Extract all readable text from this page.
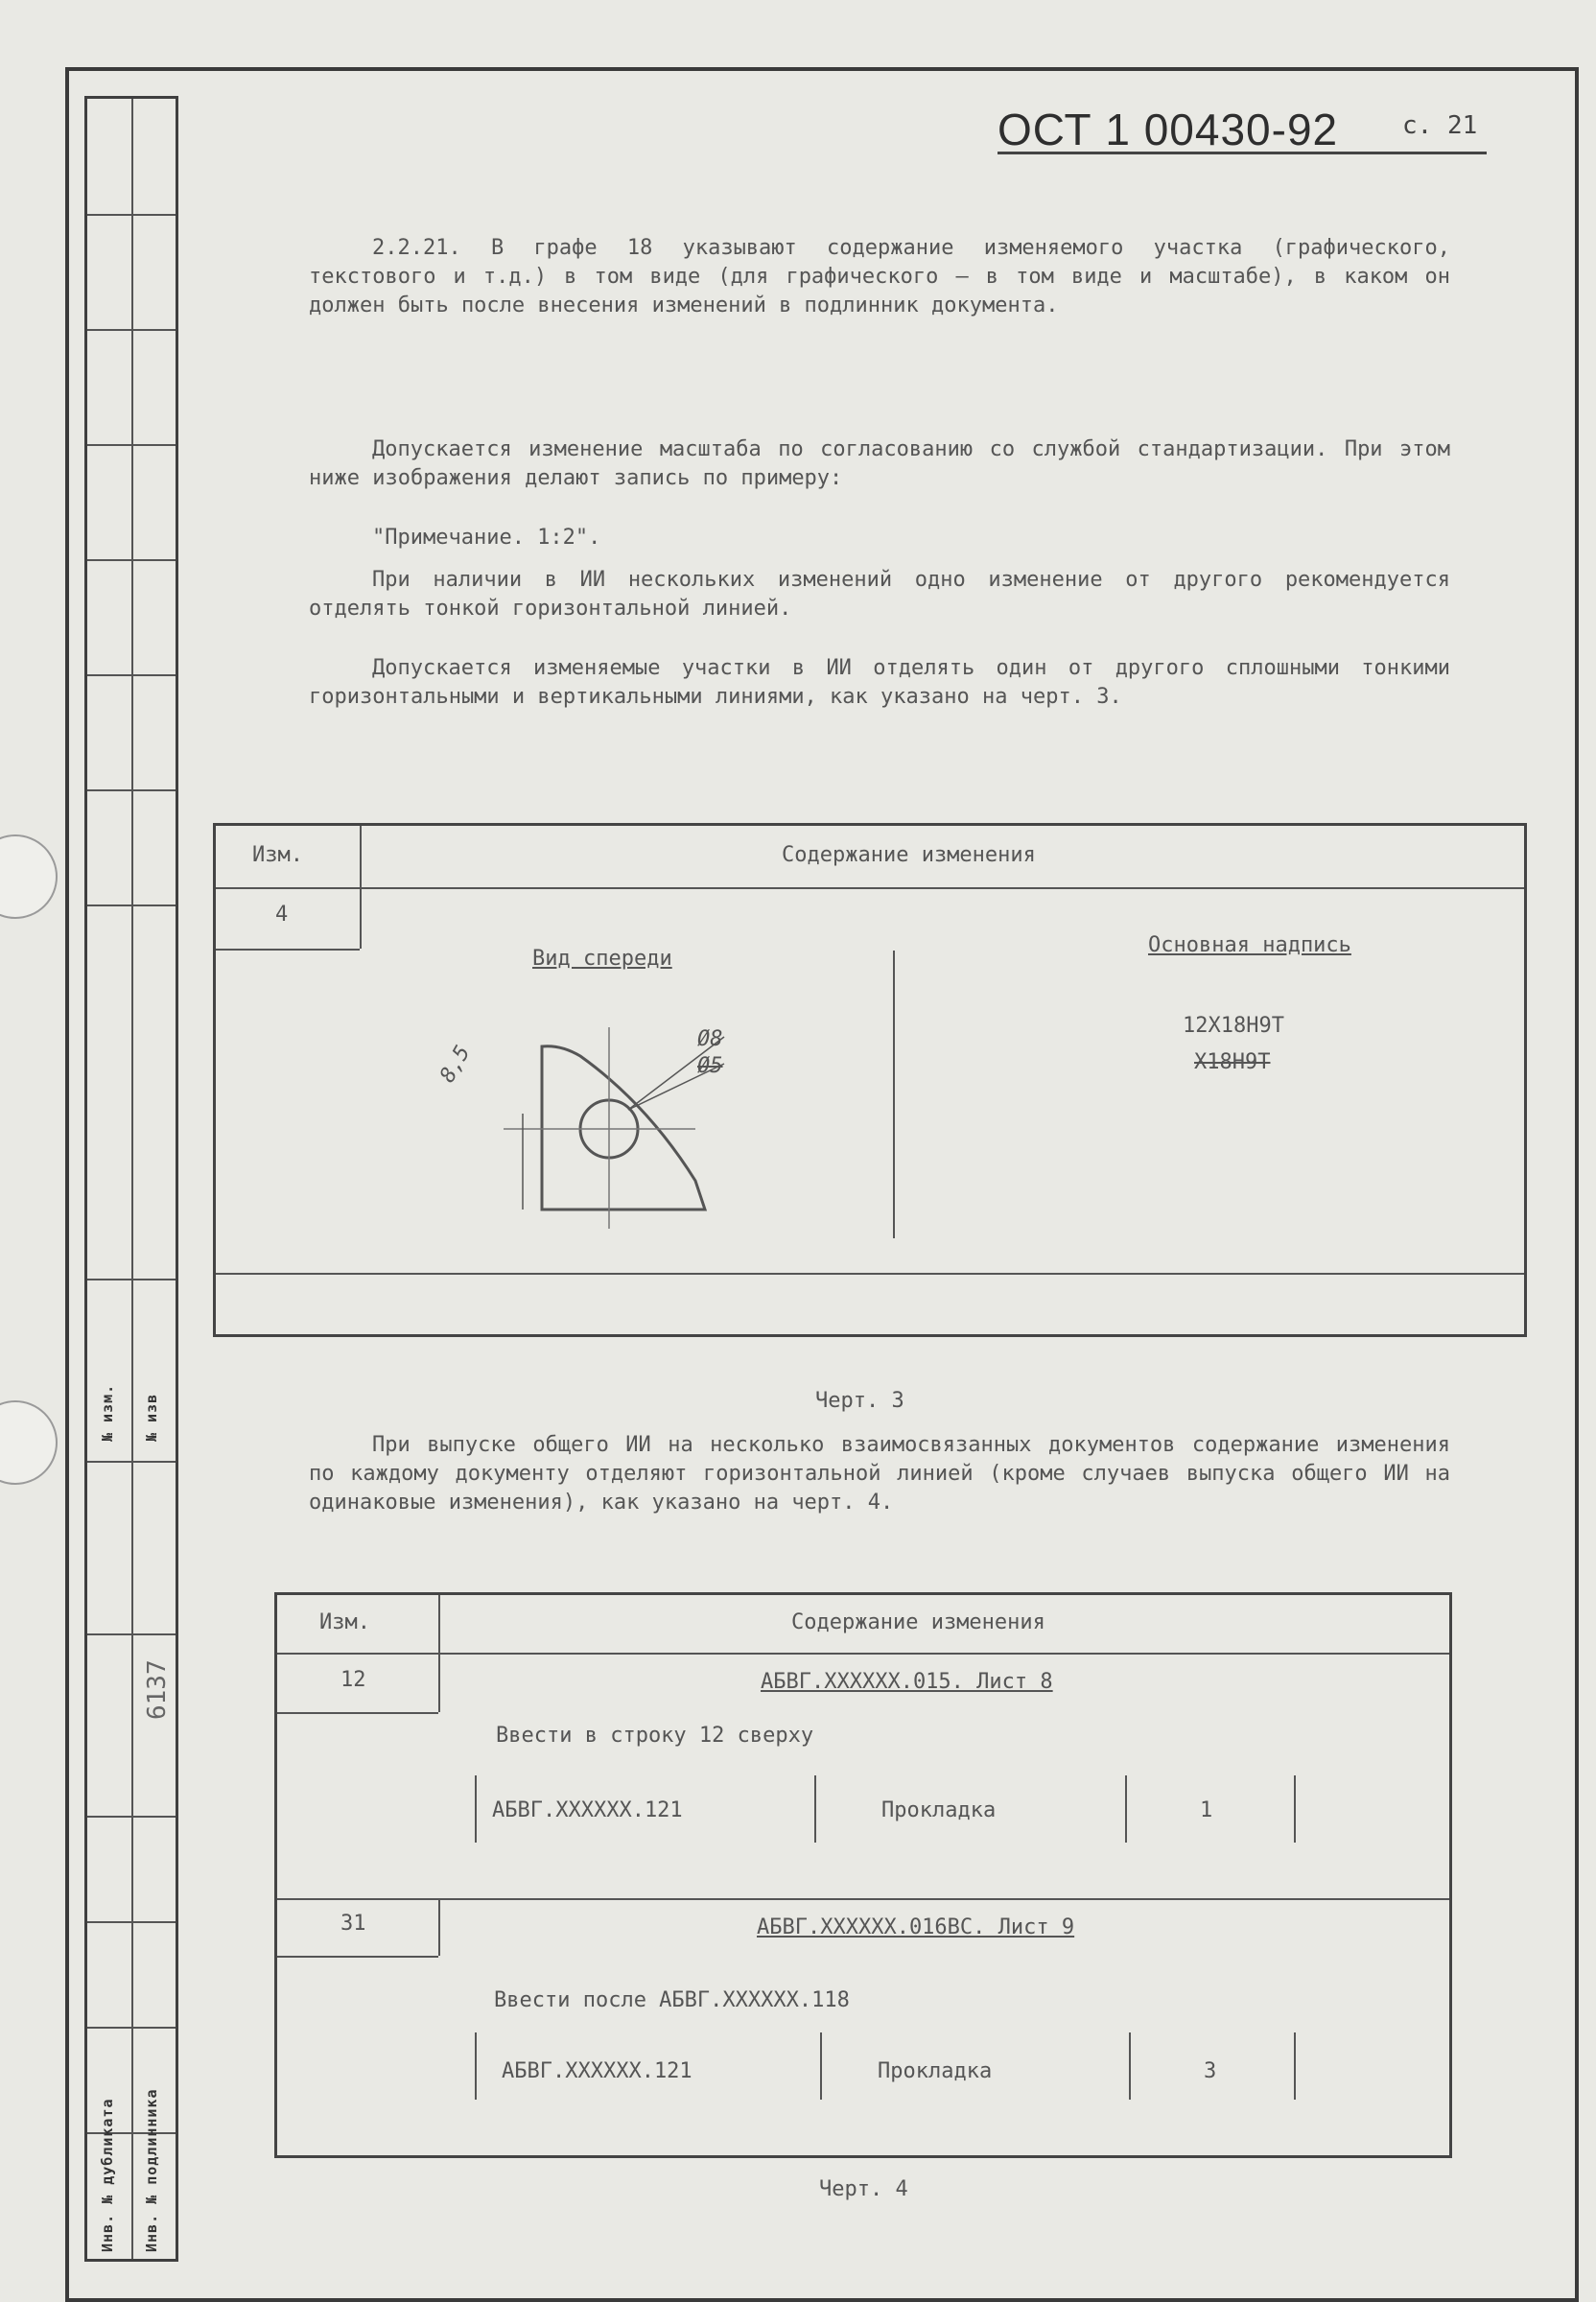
№ изм. № изв
6137
Инв. № дубликата Инв. № подлинника
ОСТ 1 00430-92	с. 21
2.2.21. В графе 18 указывают содержание изменяемого участка (графического, текстового и т.д.) в том виде (для графического – в том виде и масштабе), в каком он должен быть после внесения изменений в подлинник документа.
Допускается изменение масштаба по согласованию со службой стандартизации. При этом ниже изображения делают запись по примеру:
"Примечание. 1:2".
При наличии в ИИ нескольких изменений одно изменение от другого рекомендуется отделять тонкой горизонтальной линией.
Допускается изменяемые участки в ИИ отделять один от другого сплошными тонкими горизонтальными и вертикальными линиями, как указано на черт. 3.
Изм.	Содержание изменения
4
Вид спереди
Основная надпись
12Х18Н9Т
Х18Н9Т
Ø8
Ø5
8,5
Черт. 3
При выпуске общего ИИ на несколько взаимосвязанных документов содержание изменения по каждому документу отделяют горизонтальной линией (кроме случаев выпуска общего ИИ на одинаковые изменения), как указано на черт. 4.
Изм.	Содержание изменения
12	АБВГ.XXXXXX.015. Лист 8
Ввести в строку 12 сверху
АБВГ.XXXXXX.121	Прокладка	1
31	АБВГ.XXXXXX.016ВС. Лист 9
Ввести после АБВГ.XXXXXX.118
АБВГ.XXXXXX.121	Прокладка	3
Черт. 4
